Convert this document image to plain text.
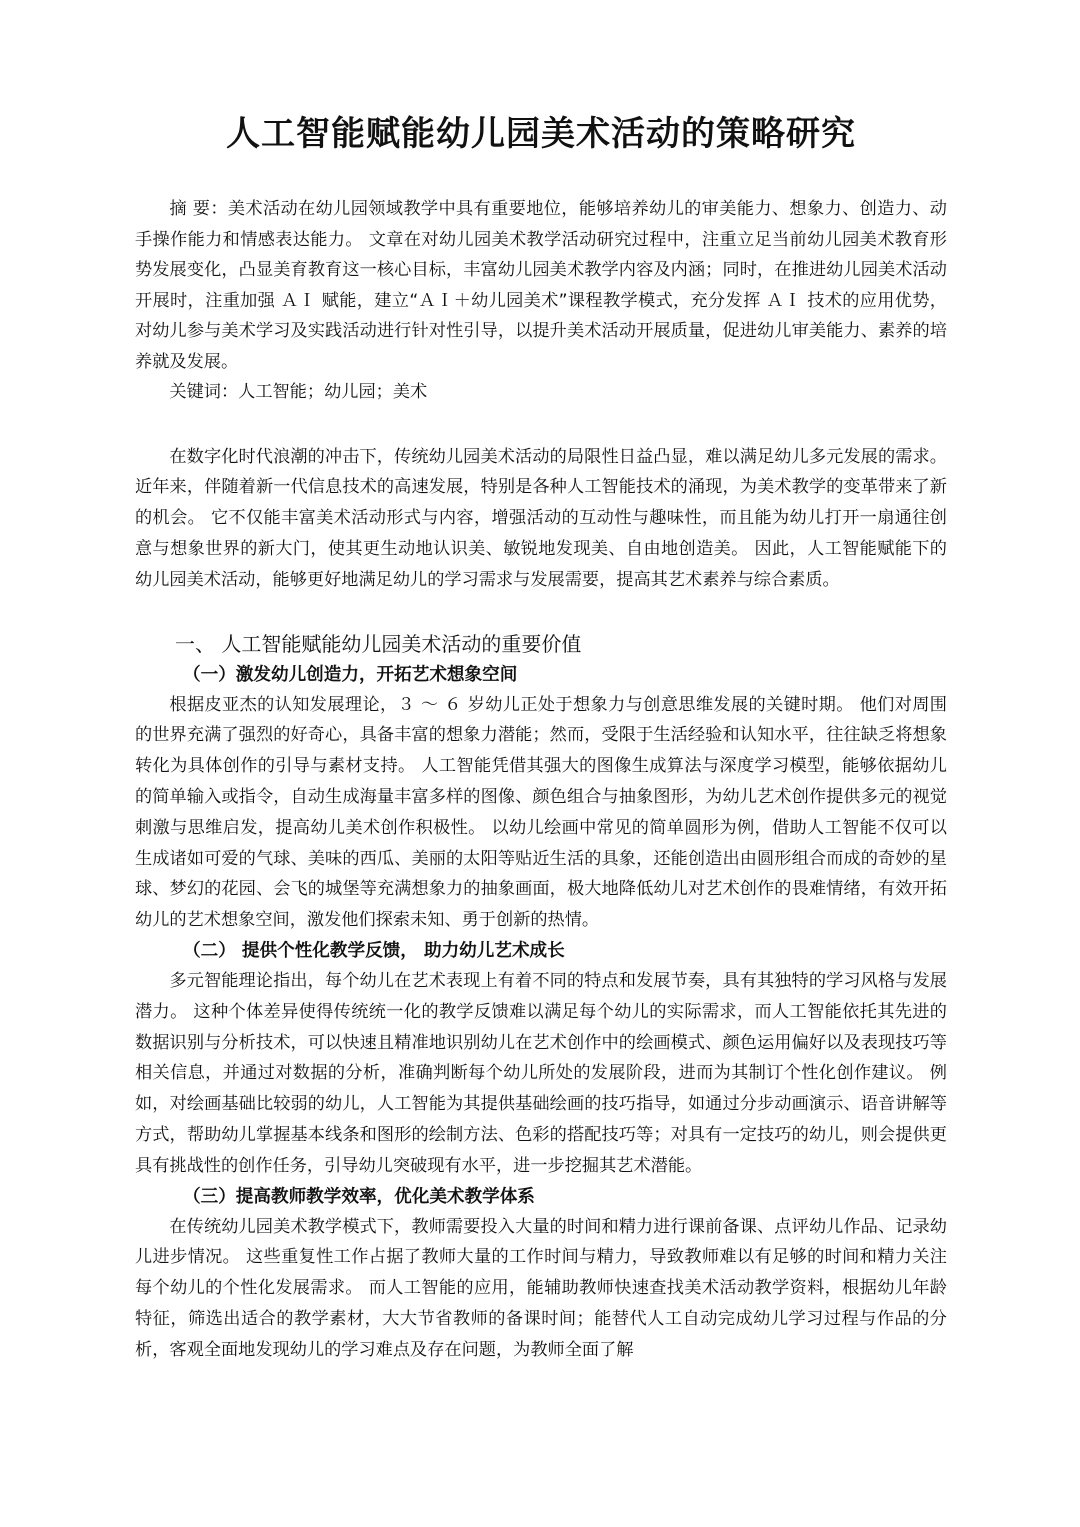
人工智能赋能幼儿园美术活动的策略研究

摘 要：美术活动在幼儿园领域教学中具有重要地位，能够培养幼儿的审美能力、想象力、创造力、动手操作能力和情感表达能力。 文章在对幼儿园美术教学活动研究过程中，注重立足当前幼儿园美术教育形势发展变化，凸显美育教育这一核心目标，丰富幼儿园美术教学内容及内涵；同时，在推进幼儿园美术活动开展时，注重加强 ＡＩ 赋能，建立“ＡＩ＋幼儿园美术”课程教学模式，充分发挥 ＡＩ 技术的应用优势，对幼儿参与美术学习及实践活动进行针对性引导，以提升美术活动开展质量，促进幼儿审美能力、素养的培养就及发展。

关键词：人工智能；幼儿园；美术

在数字化时代浪潮的冲击下，传统幼儿园美术活动的局限性日益凸显，难以满足幼儿多元发展的需求。 近年来，伴随着新一代信息技术的高速发展，特别是各种人工智能技术的涌现，为美术教学的变革带来了新的机会。 它不仅能丰富美术活动形式与内容，增强活动的互动性与趣味性，而且能为幼儿打开一扇通往创意与想象世界的新大门，使其更生动地认识美、敏锐地发现美、自由地创造美。 因此，人工智能赋能下的幼儿园美术活动，能够更好地满足幼儿的学习需求与发展需要，提高其艺术素养与综合素质。

一、 人工智能赋能幼儿园美术活动的重要价值
（一）激发幼儿创造力，开拓艺术想象空间

根据皮亚杰的认知发展理论，３ ～ ６ 岁幼儿正处于想象力与创意思维发展的关键时期。 他们对周围的世界充满了强烈的好奇心，具备丰富的想象力潜能；然而，受限于生活经验和认知水平，往往缺乏将想象转化为具体创作的引导与素材支持。 人工智能凭借其强大的图像生成算法与深度学习模型，能够依据幼儿的简单输入或指令，自动生成海量丰富多样的图像、颜色组合与抽象图形，为幼儿艺术创作提供多元的视觉刺激与思维启发，提高幼儿美术创作积极性。 以幼儿绘画中常见的简单圆形为例，借助人工智能不仅可以生成诸如可爱的气球、美味的西瓜、美丽的太阳等贴近生活的具象，还能创造出由圆形组合而成的奇妙的星球、梦幻的花园、会飞的城堡等充满想象力的抽象画面，极大地降低幼儿对艺术创作的畏难情绪，有效开拓幼儿的艺术想象空间，激发他们探索未知、勇于创新的热情。

（二） 提供个性化教学反馈， 助力幼儿艺术成长

多元智能理论指出，每个幼儿在艺术表现上有着不同的特点和发展节奏，具有其独特的学习风格与发展潜力。 这种个体差异使得传统统一化的教学反馈难以满足每个幼儿的实际需求，而人工智能依托其先进的数据识别与分析技术，可以快速且精准地识别幼儿在艺术创作中的绘画模式、颜色运用偏好以及表现技巧等相关信息，并通过对数据的分析，准确判断每个幼儿所处的发展阶段，进而为其制订个性化创作建议。 例如，对绘画基础比较弱的幼儿，人工智能为其提供基础绘画的技巧指导，如通过分步动画演示、语音讲解等方式，帮助幼儿掌握基本线条和图形的绘制方法、色彩的搭配技巧等；对具有一定技巧的幼儿，则会提供更具有挑战性的创作任务，引导幼儿突破现有水平，进一步挖掘其艺术潜能。

（三）提高教师教学效率，优化美术教学体系

在传统幼儿园美术教学模式下，教师需要投入大量的时间和精力进行课前备课、点评幼儿作品、记录幼儿进步情况。 这些重复性工作占据了教师大量的工作时间与精力，导致教师难以有足够的时间和精力关注每个幼儿的个性化发展需求。 而人工智能的应用，能辅助教师快速查找美术活动教学资料，根据幼儿年龄特征，筛选出适合的教学素材，大大节省教师的备课时间；能替代人工自动完成幼儿学习过程与作品的分析，客观全面地发现幼儿的学习难点及存在问题，为教师全面了解
